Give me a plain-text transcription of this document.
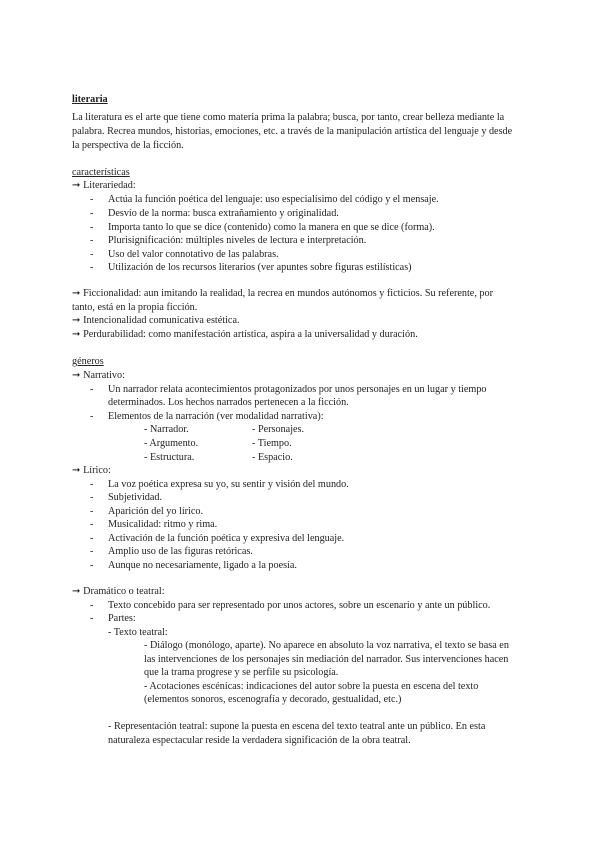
literaria
La literatura es el arte que tiene como materia prima la palabra; busca, por tanto, crear belleza mediante la
palabra. Recrea mundos, historias, emociones, etc. a través de la manipulación artística del lenguaje y desde
la perspectiva de la ficción.
características
➞ Literariedad:
- Actúa la función poética del lenguaje: uso especialísimo del código y el mensaje.
- Desvío de la norma: busca extrañamiento y originalidad.
- Importa tanto lo que se dice (contenido) como la manera en que se dice (forma).
- Plurisignificación: múltiples niveles de lectura e interpretación.
- Uso del valor connotativo de las palabras.
- Utilización de los recursos literarios (ver apuntes sobre figuras estilísticas)
➞ Ficcionalidad: aun imitando la realidad, la recrea en mundos autónomos y ficticios. Su referente, por
tanto, está en la propia ficción.
➞ Intencionalidad comunicativa estética.
➞ Perdurabilidad: como manifestación artística, aspira a la universalidad y duración.
géneros
➞ Narrativo:
- Un narrador relata acontecimientos protagonizados por unos personajes en un lugar y tiempo
determinados. Los hechos narrados pertenecen a la ficción.
- Elementos de la narración (ver modalidad narrativa):
- Narrador.	- Personajes.
- Argumento.	- Tiempo.
- Estructura.	- Espacio.
➞ Lírico:
- La voz poética expresa su yo, su sentir y visión del mundo.
- Subjetividad.
- Aparición del yo lírico.
- Musicalidad: ritmo y rima.
- Activación de la función poética y expresiva del lenguaje.
- Amplio uso de las figuras retóricas.
- Aunque no necesariamente, ligado a la poesía.
➞ Dramático o teatral:
- Texto concebido para ser representado por unos actores, sobre un escenario y ante un público.
- Partes:
- Texto teatral:
- Diálogo (monólogo, aparte). No aparece en absoluto la voz narrativa, el texto se basa en
las intervenciones de los personajes sin mediación del narrador. Sus intervenciones hacen
que la trama progrese y se perfile su psicología.
- Acotaciones escénicas: indicaciones del autor sobre la puesta en escena del texto
(elementos sonoros, escenografía y decorado, gestualidad, etc.)
- Representación teatral: supone la puesta en escena del texto teatral ante un público. En esta
naturaleza espectacular reside la verdadera significación de la obra teatral.
